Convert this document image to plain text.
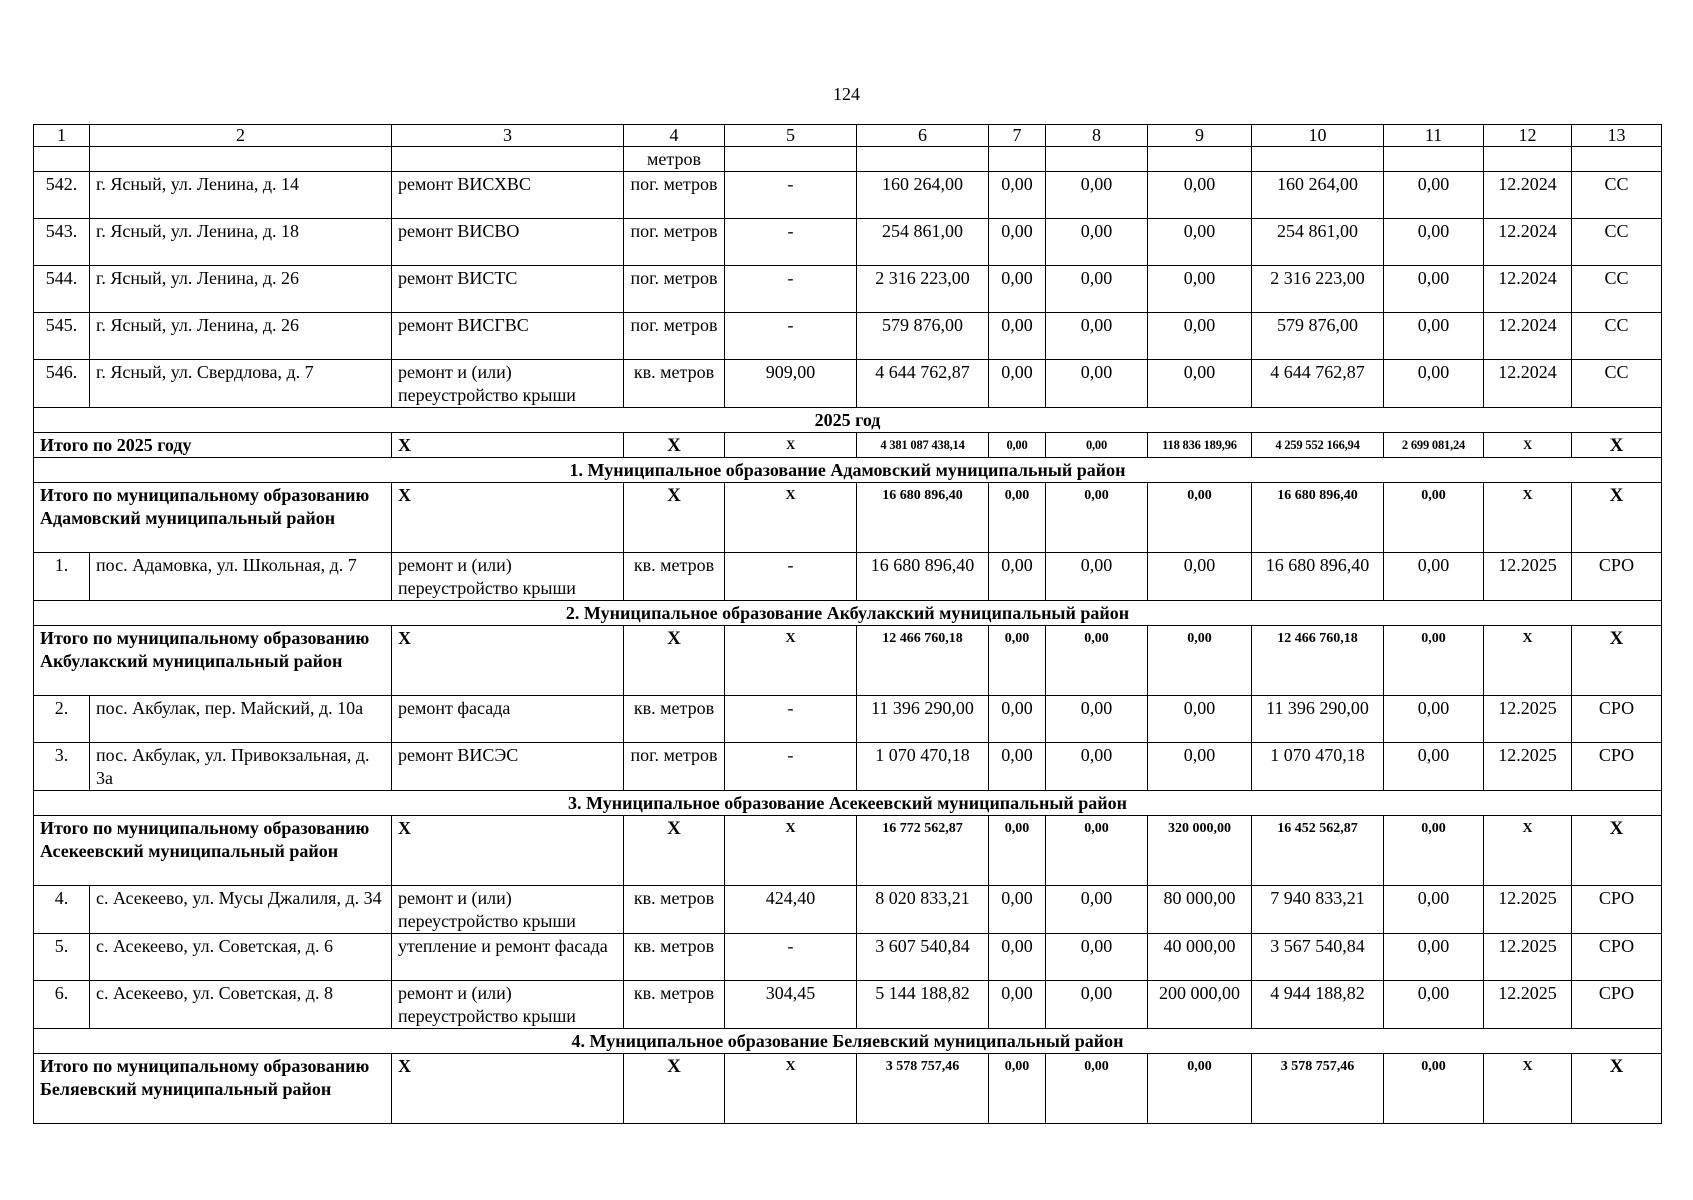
124
1	2	3	4	5	6	7	8	9	10	11	12	13
			метров									
542.	г. Ясный, ул. Ленина, д. 14	ремонт ВИСХВС	пог. метров	-	160 264,00	0,00	0,00	0,00	160 264,00	0,00	12.2024	СС
543.	г. Ясный, ул. Ленина, д. 18	ремонт ВИСВО	пог. метров	-	254 861,00	0,00	0,00	0,00	254 861,00	0,00	12.2024	СС
544.	г. Ясный, ул. Ленина, д. 26	ремонт ВИСТС	пог. метров	-	2 316 223,00	0,00	0,00	0,00	2 316 223,00	0,00	12.2024	СС
545.	г. Ясный, ул. Ленина, д. 26	ремонт ВИСГВС	пог. метров	-	579 876,00	0,00	0,00	0,00	579 876,00	0,00	12.2024	СС
546.	г. Ясный, ул. Свердлова, д. 7	ремонт и (или) переустройство крыши	кв. метров	909,00	4 644 762,87	0,00	0,00	0,00	4 644 762,87	0,00	12.2024	СС
2025 год												
Итого по 2025 году		X	X	X	4 381 087 438,14	0,00	0,00	118 836 189,96	4 259 552 166,94	2 699 081,24	X	X
1. Муниципальное образование Адамовский муниципальный район												
Итого по муниципальному образованию Адамовский муниципальный район		X	X	X	16 680 896,40	0,00	0,00	0,00	16 680 896,40	0,00	X	X
1.	пос. Адамовка, ул. Школьная, д. 7	ремонт и (или) переустройство крыши	кв. метров	-	16 680 896,40	0,00	0,00	0,00	16 680 896,40	0,00	12.2025	СРО
2. Муниципальное образование Акбулакский муниципальный район												
Итого по муниципальному образованию Акбулакский муниципальный район		X	X	X	12 466 760,18	0,00	0,00	0,00	12 466 760,18	0,00	X	X
2.	пос. Акбулак, пер. Майский, д. 10а	ремонт фасада	кв. метров	-	11 396 290,00	0,00	0,00	0,00	11 396 290,00	0,00	12.2025	СРО
3.	пос. Акбулак, ул. Привокзальная, д. 3а	ремонт ВИСЭС	пог. метров	-	1 070 470,18	0,00	0,00	0,00	1 070 470,18	0,00	12.2025	СРО
3. Муниципальное образование Асекеевский муниципальный район												
Итого по муниципальному образованию Асекеевский муниципальный район		X	X	X	16 772 562,87	0,00	0,00	320 000,00	16 452 562,87	0,00	X	X
4.	с. Асекеево, ул. Мусы Джалиля, д. 34	ремонт и (или) переустройство крыши	кв. метров	424,40	8 020 833,21	0,00	0,00	80 000,00	7 940 833,21	0,00	12.2025	СРО
5.	с. Асекеево, ул. Советская, д. 6	утепление и ремонт фасада	кв. метров	-	3 607 540,84	0,00	0,00	40 000,00	3 567 540,84	0,00	12.2025	СРО
6.	с. Асекеево, ул. Советская, д. 8	ремонт и (или) переустройство крыши	кв. метров	304,45	5 144 188,82	0,00	0,00	200 000,00	4 944 188,82	0,00	12.2025	СРО
4. Муниципальное образование Беляевский муниципальный район												
Итого по муниципальному образованию Беляевский муниципальный район		X	X	X	3 578 757,46	0,00	0,00	0,00	3 578 757,46	0,00	X	X
